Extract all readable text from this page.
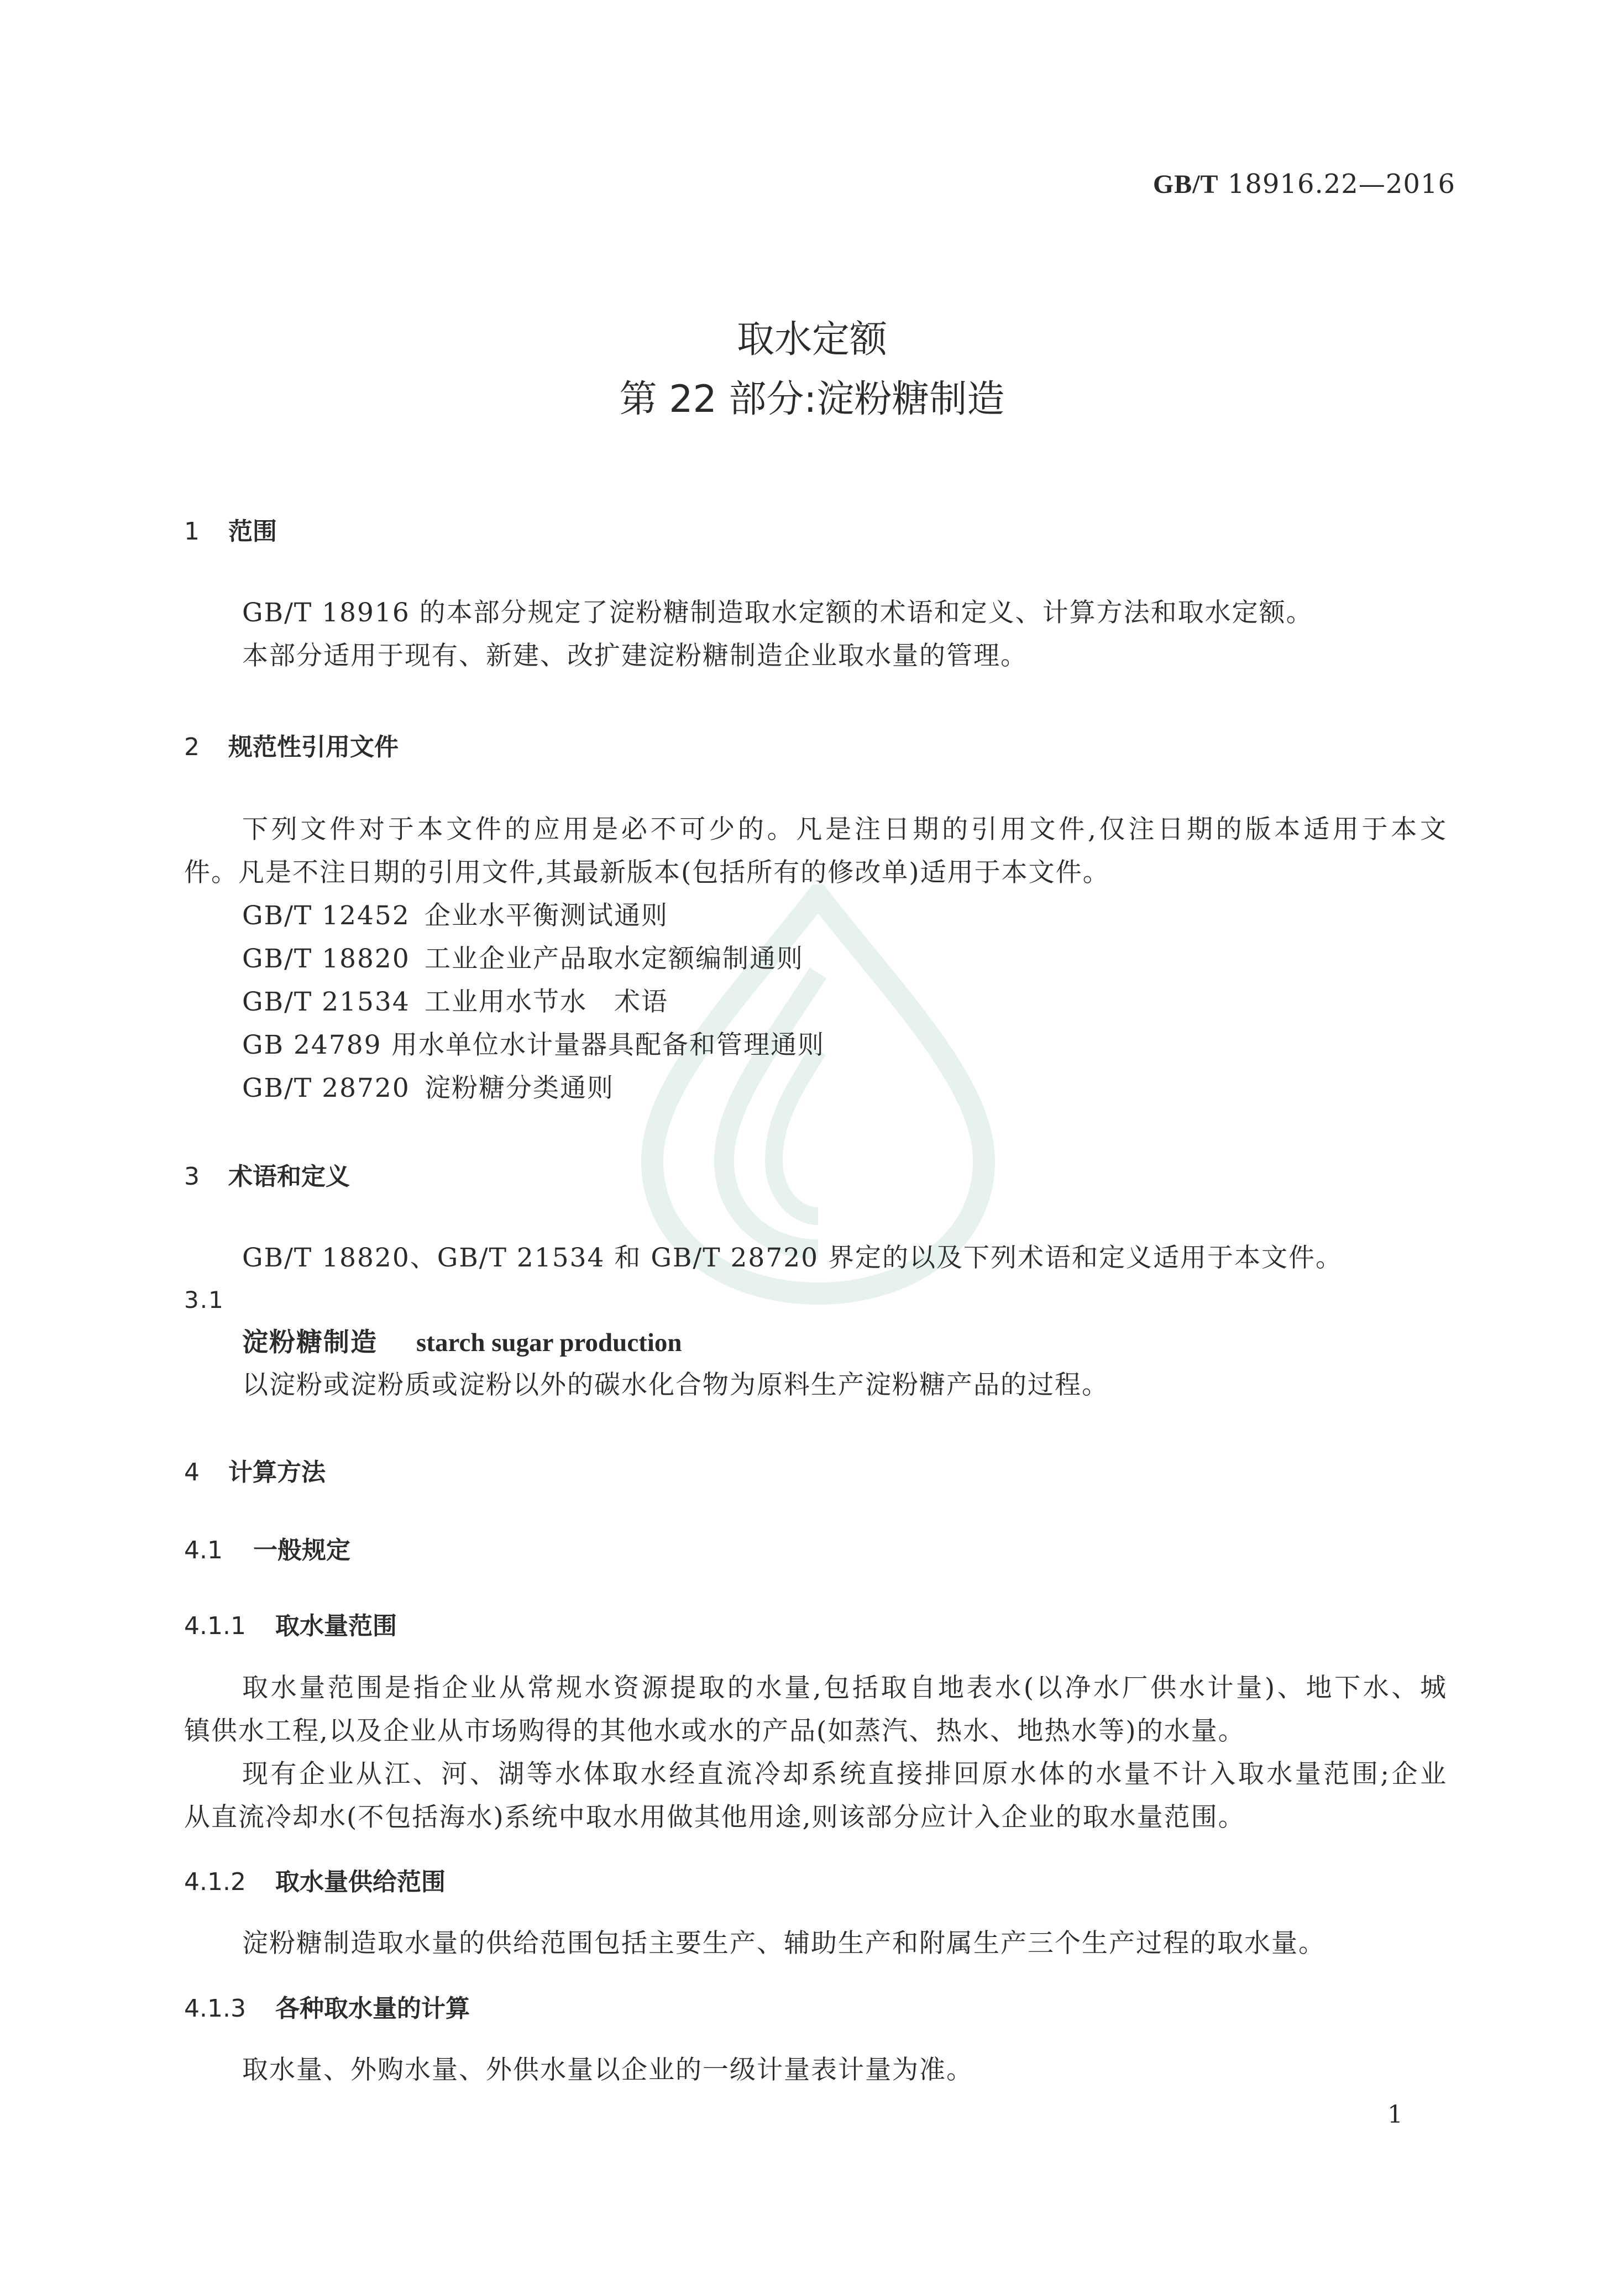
GB/T 18916.22—2016
取水定额
第 22 部分:淀粉糖制造
1 范围
GB/T 18916 的本部分规定了淀粉糖制造取水定额的术语和定义、计算方法和取水定额。
本部分适用于现有、新建、改扩建淀粉糖制造企业取水量的管理。
2 规范性引用文件
下列文件对于本文件的应用是必不可少的。凡是注日期的引用文件,仅注日期的版本适用于本文
件。凡是不注日期的引用文件,其最新版本(包括所有的修改单)适用于本文件。
GB/T 12452 企业水平衡测试通则
GB/T 18820 工业企业产品取水定额编制通则
GB/T 21534 工业用水节水　术语
GB 24789 用水单位水计量器具配备和管理通则
GB/T 28720 淀粉糖分类通则
3 术语和定义
GB/T 18820、GB/T 21534 和 GB/T 28720 界定的以及下列术语和定义适用于本文件。
3.1
淀粉糖制造 starch sugar production
以淀粉或淀粉质或淀粉以外的碳水化合物为原料生产淀粉糖产品的过程。
4 计算方法
4.1 一般规定
4.1.1 取水量范围
取水量范围是指企业从常规水资源提取的水量,包括取自地表水(以净水厂供水计量)、地下水、城
镇供水工程,以及企业从市场购得的其他水或水的产品(如蒸汽、热水、地热水等)的水量。
现有企业从江、河、湖等水体取水经直流冷却系统直接排回原水体的水量不计入取水量范围;企业
从直流冷却水(不包括海水)系统中取水用做其他用途,则该部分应计入企业的取水量范围。
4.1.2 取水量供给范围
淀粉糖制造取水量的供给范围包括主要生产、辅助生产和附属生产三个生产过程的取水量。
4.1.3 各种取水量的计算
取水量、外购水量、外供水量以企业的一级计量表计量为准。
1
